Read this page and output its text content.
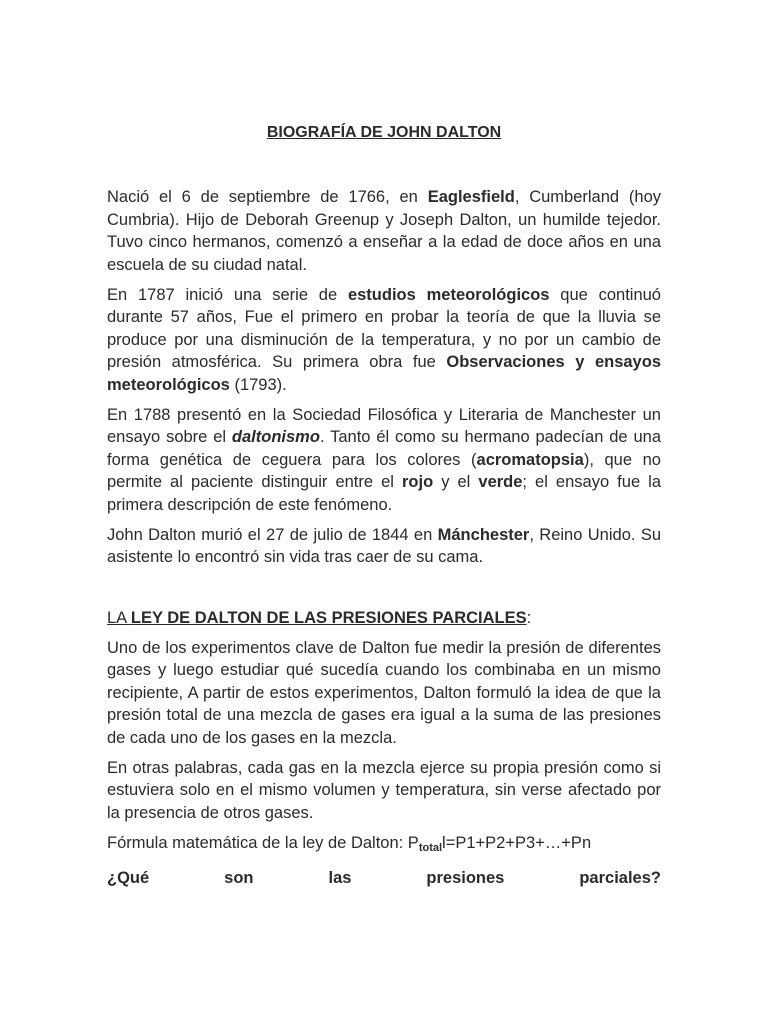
BIOGRAFÍA DE JOHN DALTON

Nació el 6 de septiembre de 1766, en Eaglesfield, Cumberland (hoy Cumbria). Hijo de Deborah Greenup y Joseph Dalton, un humilde tejedor. Tuvo cinco hermanos, comenzó a enseñar a la edad de doce años en una escuela de su ciudad natal.

En 1787 inició una serie de estudios meteorológicos que continuó durante 57 años, Fue el primero en probar la teoría de que la lluvia se produce por una disminución de la temperatura, y no por un cambio de presión atmosférica. Su primera obra fue Observaciones y ensayos meteorológicos (1793).

En 1788 presentó en la Sociedad Filosófica y Literaria de Manchester un ensayo sobre el daltonismo. Tanto él como su hermano padecían de una forma genética de ceguera para los colores (acromatopsia), que no permite al paciente distinguir entre el rojo y el verde; el ensayo fue la primera descripción de este fenómeno.

John Dalton murió el 27 de julio de 1844 en Mánchester, Reino Unido. Su asistente lo encontró sin vida tras caer de su cama.

LA LEY DE DALTON DE LAS PRESIONES PARCIALES:

Uno de los experimentos clave de Dalton fue medir la presión de diferentes gases y luego estudiar qué sucedía cuando los combinaba en un mismo recipiente, A partir de estos experimentos, Dalton formuló la idea de que la presión total de una mezcla de gases era igual a la suma de las presiones de cada uno de los gases en la mezcla.

En otras palabras, cada gas en la mezcla ejerce su propia presión como si estuviera solo en el mismo volumen y temperatura, sin verse afectado por la presencia de otros gases.

Fórmula matemática de la ley de Dalton: $P_{total}l=P1+P2+P3+\dots+Pn$

¿Qué	son	las	presiones	parciales?
